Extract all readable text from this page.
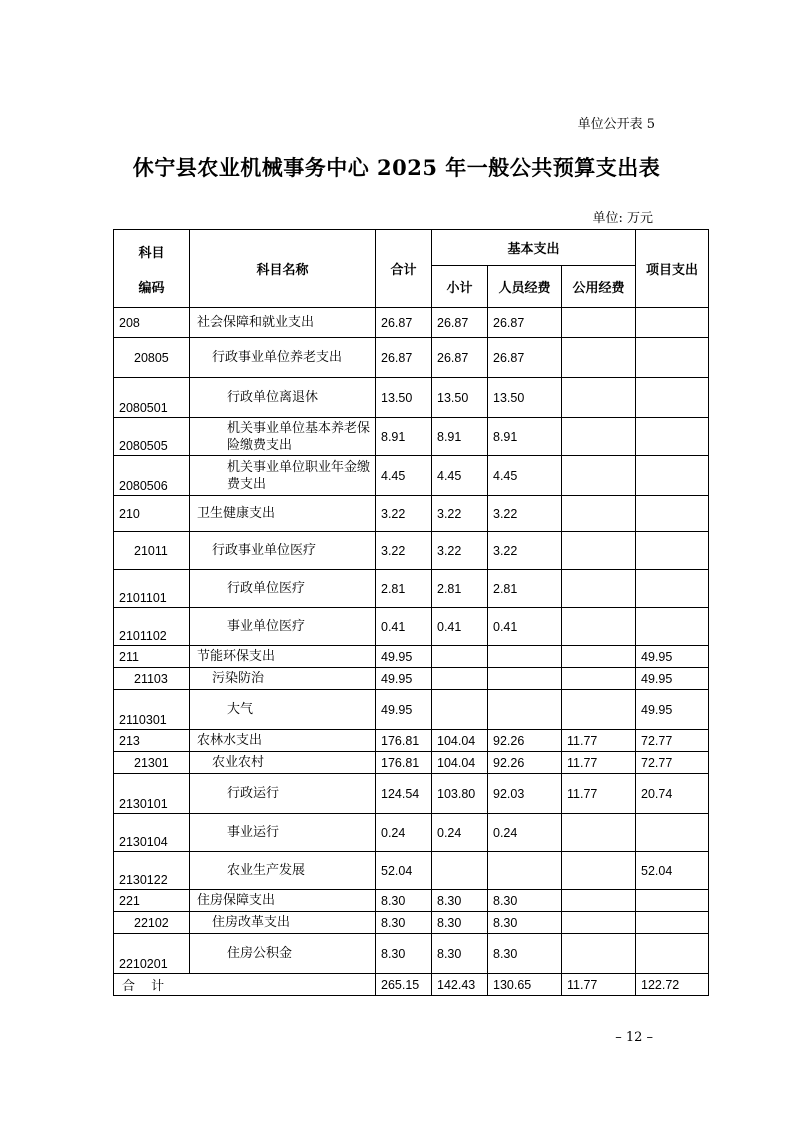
单位公开表 5
休宁县农业机械事务中心 2025 年一般公共预算支出表
单位: 万元
科目
编码	科目名称	合计	基本支出			项目支出
			小计	人员经费	公用经费	
208	社会保障和就业支出	26.87	26.87	26.87		
20805	行政事业单位养老支出	26.87	26.87	26.87		
2080501	行政单位离退休	13.50	13.50	13.50		
2080505	机关事业单位基本养老保险缴费支出	8.91	8.91	8.91		
2080506	机关事业单位职业年金缴费支出	4.45	4.45	4.45		
210	卫生健康支出	3.22	3.22	3.22		
21011	行政事业单位医疗	3.22	3.22	3.22		
2101101	行政单位医疗	2.81	2.81	2.81		
2101102	事业单位医疗	0.41	0.41	0.41		
211	节能环保支出	49.95				49.95
21103	污染防治	49.95				49.95
2110301	大气	49.95				49.95
213	农林水支出	176.81	104.04	92.26	11.77	72.77
21301	农业农村	176.81	104.04	92.26	11.77	72.77
2130101	行政运行	124.54	103.80	92.03	11.77	20.74
2130104	事业运行	0.24	0.24	0.24		
2130122	农业生产发展	52.04				52.04
221	住房保障支出	8.30	8.30	8.30		
22102	住房改革支出	8.30	8.30	8.30		
2210201	住房公积金	8.30	8.30	8.30		
合 计		265.15	142.43	130.65	11.77	122.72
– 12 –
